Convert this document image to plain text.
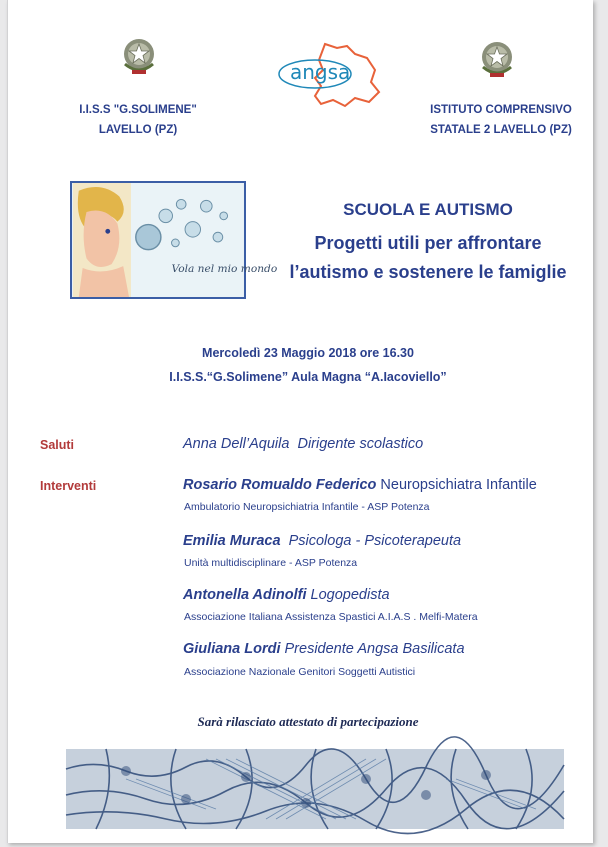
angsa
I.I.S.S "G.SOLIMENE"
LAVELLO (PZ)
ISTITUTO COMPRENSIVO
STATALE 2 LAVELLO (PZ)
Vola nel mio mondo
SCUOLA E AUTISMO
Progetti utili per affrontare
l’autismo e sostenere le famiglie
Mercoledì 23 Maggio 2018 ore 16.30
I.I.S.S.“G.Solimene” Aula Magna “A.Iacoviello”
Saluti
Interventi
Anna Dell’Aquila Dirigente scolastico
Rosario Romualdo Federico Neuropsichiatra Infantile
Ambulatorio Neuropsichiatria Infantile - ASP Potenza
Emilia Muraca Psicologa - Psicoterapeuta
Unità multidisciplinare - ASP Potenza
Antonella Adinolfi Logopedista
Associazione Italiana Assistenza Spastici A.I.A.S . Melfi-Matera
Giuliana Lordi Presidente Angsa Basilicata
Associazione Nazionale Genitori Soggetti Autistici
Sarà rilasciato attestato di partecipazione
